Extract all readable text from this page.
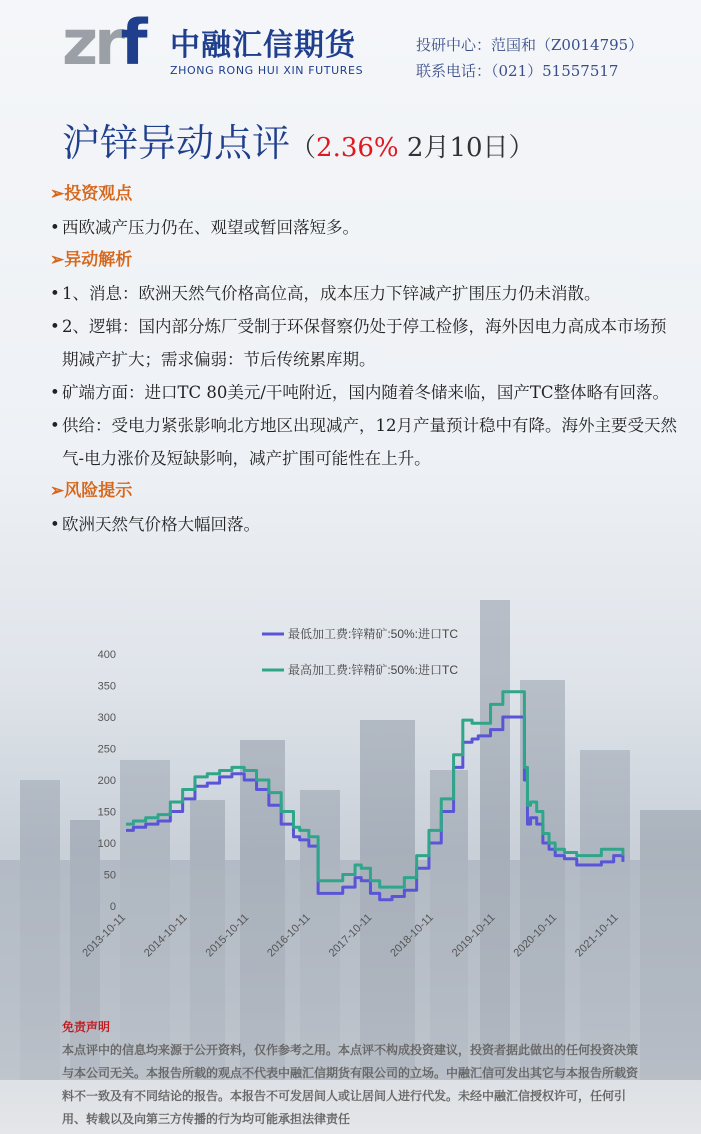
zrf 中融汇信期货
ZHONG RONG HUI XIN FUTURES
投研中心：范国和（Z0014795）
联系电话：（021）51557517
沪锌异动点评（2.36% 2月10日）
➢投资观点
• 西欧减产压力仍在、观望或暂回落短多。
➢异动解析
• 1、消息：欧洲天然气价格高位高，成本压力下锌减产扩围压力仍未消散。
• 2、逻辑：国内部分炼厂受制于环保督察仍处于停工检修，海外因电力高成本市场预期减产扩大；需求偏弱：节后传统累库期。
• 矿端方面：进口TC 80美元/干吨附近，国内随着冬储来临，国产TC整体略有回落。
• 供给：受电力紧张影响北方地区出现减产，12月产量预计稳中有降。海外主要受天然气-电力涨价及短缺影响，减产扩围可能性在上升。
➢风险提示
• 欧洲天然气价格大幅回落。
0
50
100
150
200
250
300
350
400
2013-10-11 2014-10-11 2015-10-11 2016-10-11 2017-10-11 2018-10-11 2019-10-11 2020-10-11 2021-10-11
最低加工费:锌精矿:50%:进口TC
最高加工费:锌精矿:50%:进口TC
免责声明
本点评中的信息均来源于公开资料，仅作参考之用。本点评不构成投资建议，投资者据此做出的任何投资决策与本公司无关。本报告所载的观点不代表中融汇信期货有限公司的立场。中融汇信可发出其它与本报告所载资料不一致及有不同结论的报告。本报告不可发居间人或让居间人进行代发。未经中融汇信授权许可，任何引用、转载以及向第三方传播的行为均可能承担法律责任
